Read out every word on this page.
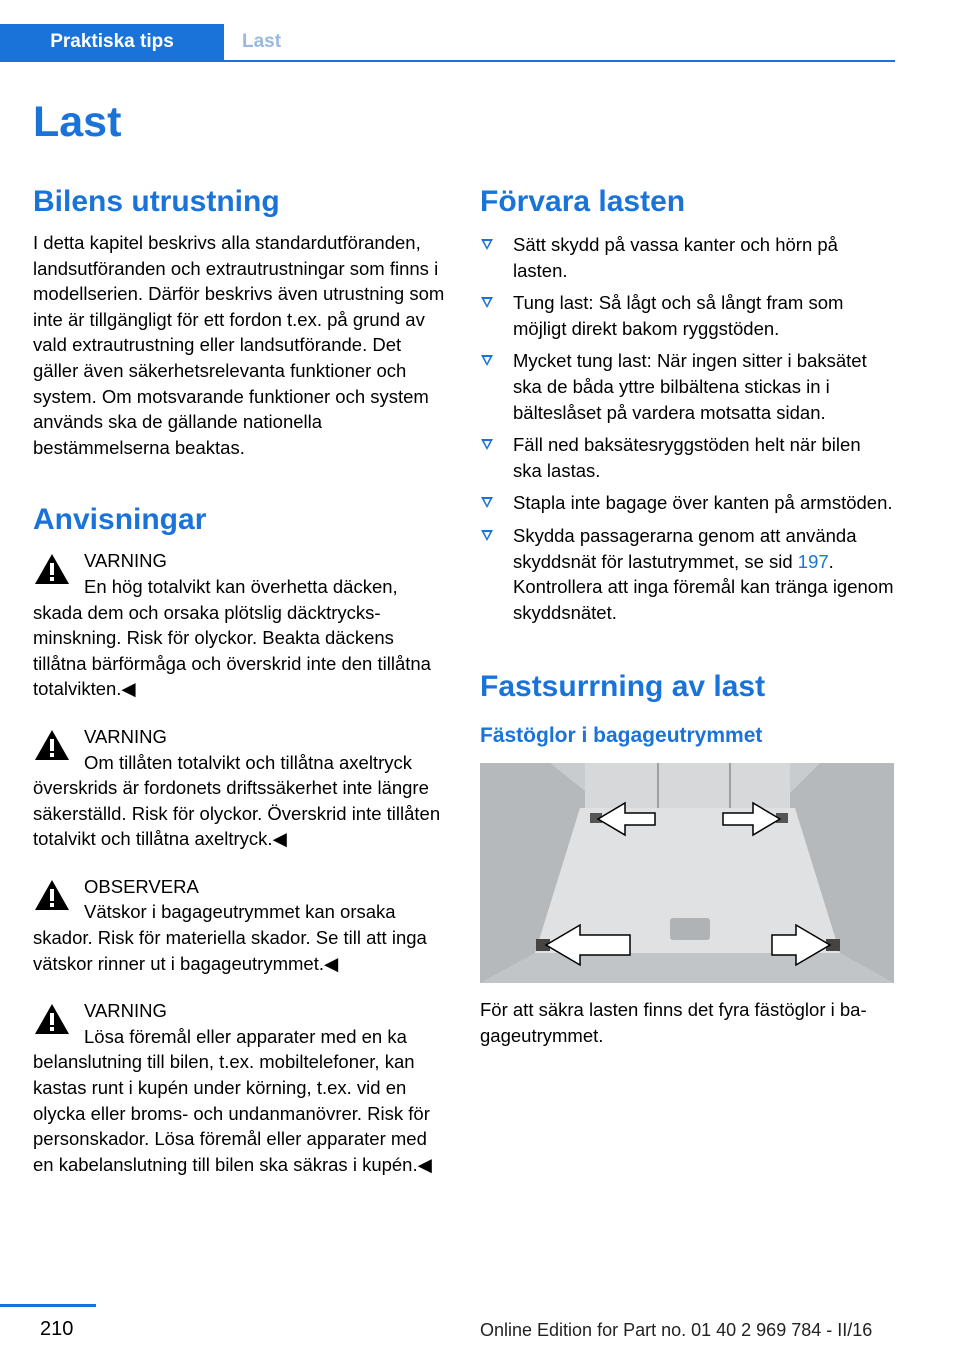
Praktiska tips	Last
Last
Bilens utrustning

I detta kapitel beskrivs alla standardutföranden, landsutföranden och extrautrustningar som finns i modellserien. Därför beskrivs även utrustning som inte är tillgängligt för ett fordon t.ex. på grund av vald extrautrustning eller landsutförande. Det gäller även säkerhetsrelevanta funktioner och system. Om motsvarande funktioner och system används ska de gällande nationella bestämmelserna beaktas.

Anvisningar
VARNING
En hög totalvikt kan överhetta däcken,
skada dem och orsaka plötslig däcktrycksminskning. Risk för olyckor. Beakta däckens tillåtna bärförmåga och överskrid inte den tillåtna totalvikten.◀
VARNING
Om tillåten totalvikt och tillåtna axeltryck
överskrids är fordonets driftssäkerhet inte längre säkerställd. Risk för olyckor. Överskrid inte tillåten totalvikt och tillåtna axeltryck.◀
OBSERVERA
Vätskor i bagageutrymmet kan orsaka
skador. Risk för materiella skador. Se till att inga vätskor rinner ut i bagageutrymmet.◀
VARNING
Lösa föremål eller apparater med en ka
belanslutning till bilen, t.ex. mobiltelefoner, kan kastas runt i kupén under körning, t.ex. vid en olycka eller broms- och undanmanövrer. Risk för personskador. Lösa föremål eller apparater med en kabelanslutning till bilen ska säkras i kupén.◀
Förvara lasten
Sätt skydd på vassa kanter och hörn på lasten.
Tung last: Så lågt och så långt fram som möjligt direkt bakom ryggstöden.
Mycket tung last: När ingen sitter i baksätet ska de båda yttre bilbältena stickas in i bälteslåset på vardera motsatta sidan.
Fäll ned baksätesryggstöden helt när bilen ska lastas.
Stapla inte bagage över kanten på armstöden.
Skydda passagerarna genom att använda skyddsnät för lastutrymmet, se sid 197. Kontrollera att inga föremål kan tränga igenom skyddsnätet.
Fastsurrning av last
Fästöglor i bagageutrymmet

För att säkra lasten finns det fyra fästöglor i bagageutrymmet.

210	Online Edition for Part no. 01 40 2 969 784 - II/16
